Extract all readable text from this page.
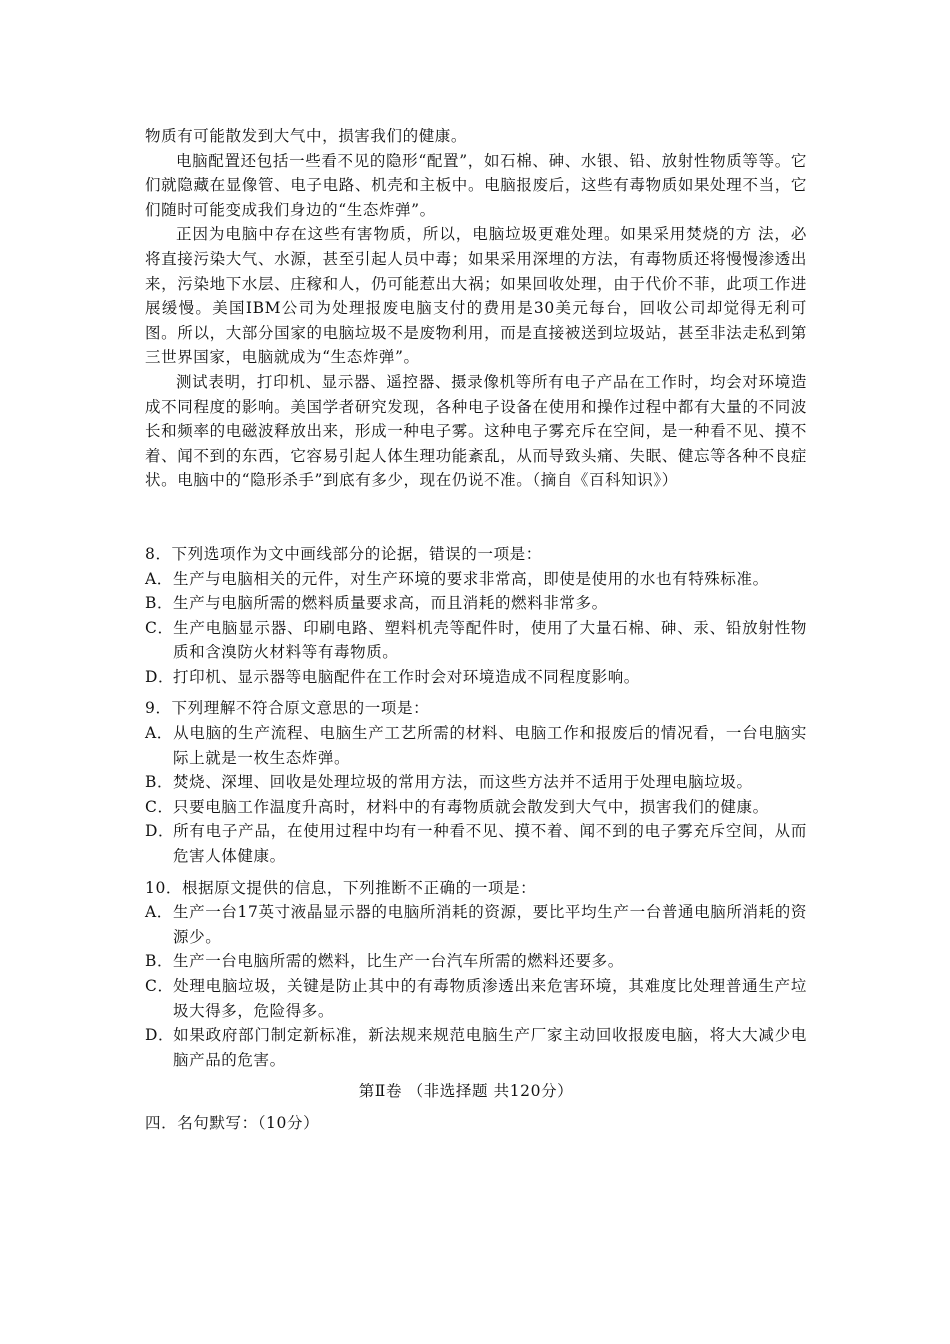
物质有可能散发到大气中，损害我们的健康。

电脑配置还包括一些看不见的隐形“配置”，如石棉、砷、水银、铅、放射性物质等等。它们就隐藏在显像管、电子电路、机壳和主板中。电脑报废后，这些有毒物质如果处理不当，它们随时可能变成我们身边的“生态炸弹”。

正因为电脑中存在这些有害物质，所以，电脑垃圾更难处理。如果采用焚烧的方 法，必将直接污染大气、水源，甚至引起人员中毒；如果采用深埋的方法，有毒物质还将慢慢渗透出来，污染地下水层、庄稼和人，仍可能惹出大祸；如果回收处理，由于代价不菲，此项工作进展缓慢。美国IBM公司为处理报废电脑支付的费用是30美元每台，回收公司却觉得无利可图。所以，大部分国家的电脑垃圾不是废物利用，而是直接被送到垃圾站，甚至非法走私到第三世界国家，电脑就成为“生态炸弹”。

测试表明，打印机、显示器、遥控器、摄录像机等所有电子产品在工作时，均会对环境造成不同程度的影响。美国学者研究发现，各种电子设备在使用和操作过程中都有大量的不同波长和频率的电磁波释放出来，形成一种电子雾。这种电子雾充斥在空间，是一种看不见、摸不着、闻不到的东西，它容易引起人体生理功能紊乱，从而导致头痛、失眠、健忘等各种不良症状。电脑中的“隐形杀手”到底有多少，现在仍说不准。（摘自《百科知识》）

8．下列选项作为文中画线部分的论据，错误的一项是：

A．生产与电脑相关的元件，对生产环境的要求非常高，即使是使用的水也有特殊标准。

B．生产与电脑所需的燃料质量要求高，而且消耗的燃料非常多。

C．生产电脑显示器、印刷电路、塑料机壳等配件时，使用了大量石棉、砷、汞、铅放射性物质和含溴防火材料等有毒物质。

D．打印机、显示器等电脑配件在工作时会对环境造成不同程度影响。

9．下列理解不符合原文意思的一项是：

A．从电脑的生产流程、电脑生产工艺所需的材料、电脑工作和报废后的情况看，一台电脑实际上就是一枚生态炸弹。

B．焚烧、深埋、回收是处理垃圾的常用方法，而这些方法并不适用于处理电脑垃圾。

C．只要电脑工作温度升高时，材料中的有毒物质就会散发到大气中，损害我们的健康。

D．所有电子产品，在使用过程中均有一种看不见、摸不着、闻不到的电子雾充斥空间，从而危害人体健康。

10．根据原文提供的信息，下列推断不正确的一项是：

A．生产一台17英寸液晶显示器的电脑所消耗的资源，要比平均生产一台普通电脑所消耗的资源少。

B．生产一台电脑所需的燃料，比生产一台汽车所需的燃料还要多。

C．处理电脑垃圾，关键是防止其中的有毒物质渗透出来危害环境，其难度比处理普通生产垃圾大得多，危险得多。

D．如果政府部门制定新标准，新法规来规范电脑生产厂家主动回收报废电脑，将大大减少电脑产品的危害。

第Ⅱ卷 （非选择题 共120分）

四．名句默写：（10分）
